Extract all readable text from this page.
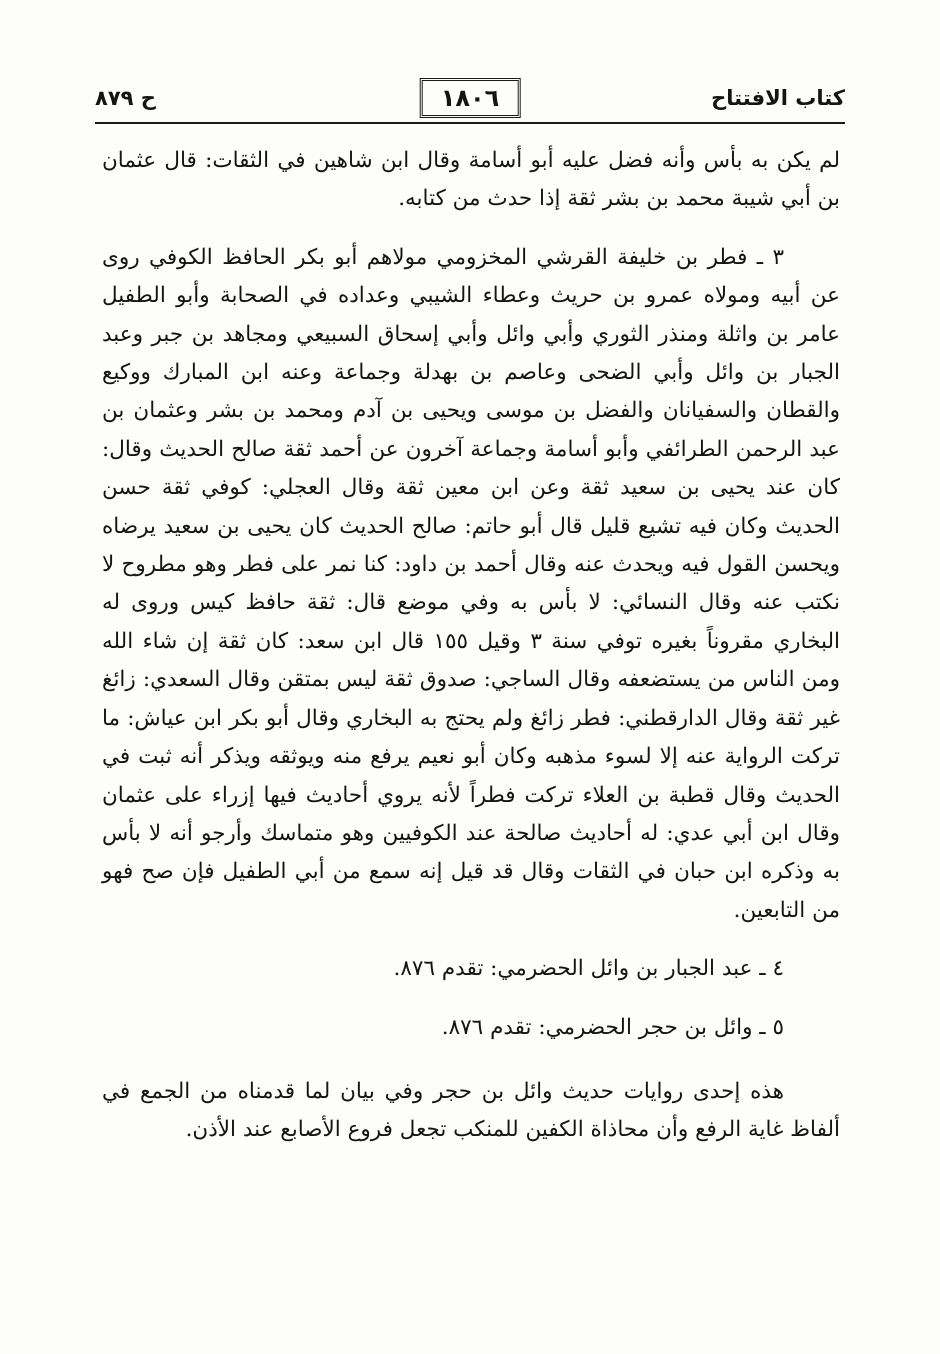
كتاب الافتتاح
١٨٠٦
ح ٨٧٩

لم يكن به بأس وأنه فضل عليه أبو أسامة وقال ابن شاهين في الثقات: قال عثمان بن أبي شيبة محمد بن بشر ثقة إذا حدث من كتابه.

٣ ـ فطر بن خليفة القرشي المخزومي مولاهم أبو بكر الحافظ الكوفي روى عن أبيه ومولاه عمرو بن حريث وعطاء الشيبي وعداده في الصحابة وأبو الطفيل عامر بن واثلة ومنذر الثوري وأبي وائل وأبي إسحاق السبيعي ومجاهد بن جبر وعبد الجبار بن وائل وأبي الضحى وعاصم بن بهدلة وجماعة وعنه ابن المبارك ووكيع والقطان والسفيانان والفضل بن موسى ويحيى بن آدم ومحمد بن بشر وعثمان بن عبد الرحمن الطرائفي وأبو أسامة وجماعة آخرون عن أحمد ثقة صالح الحديث وقال: كان عند يحيى بن سعيد ثقة وعن ابن معين ثقة وقال العجلي: كوفي ثقة حسن الحديث وكان فيه تشيع قليل قال أبو حاتم: صالح الحديث كان يحيى بن سعيد يرضاه ويحسن القول فيه ويحدث عنه وقال أحمد بن داود: كنا نمر على فطر وهو مطروح لا نكتب عنه وقال النسائي: لا بأس به وفي موضع قال: ثقة حافظ كيس وروى له البخاري مقروناً بغيره توفي سنة ٣ وقيل ١٥٥ قال ابن سعد: كان ثقة إن شاء الله ومن الناس من يستضعفه وقال الساجي: صدوق ثقة ليس بمتقن وقال السعدي: زائغ غير ثقة وقال الدارقطني: فطر زائغ ولم يحتج به البخاري وقال أبو بكر ابن عياش: ما تركت الرواية عنه إلا لسوء مذهبه وكان أبو نعيم يرفع منه ويوثقه ويذكر أنه ثبت في الحديث وقال قطبة بن العلاء تركت فطراً لأنه يروي أحاديث فيها إزراء على عثمان وقال ابن أبي عدي: له أحاديث صالحة عند الكوفيين وهو متماسك وأرجو أنه لا بأس به وذكره ابن حبان في الثقات وقال قد قيل إنه سمع من أبي الطفيل فإن صح فهو من التابعين.

٤ ـ عبد الجبار بن وائل الحضرمي: تقدم ٨٧٦.

٥ ـ وائل بن حجر الحضرمي: تقدم ٨٧٦.

هذه إحدى روايات حديث وائل بن حجر وفي بيان لما قدمناه من الجمع في ألفاظ غاية الرفع وأن محاذاة الكفين للمنكب تجعل فروع الأصابع عند الأذن.
